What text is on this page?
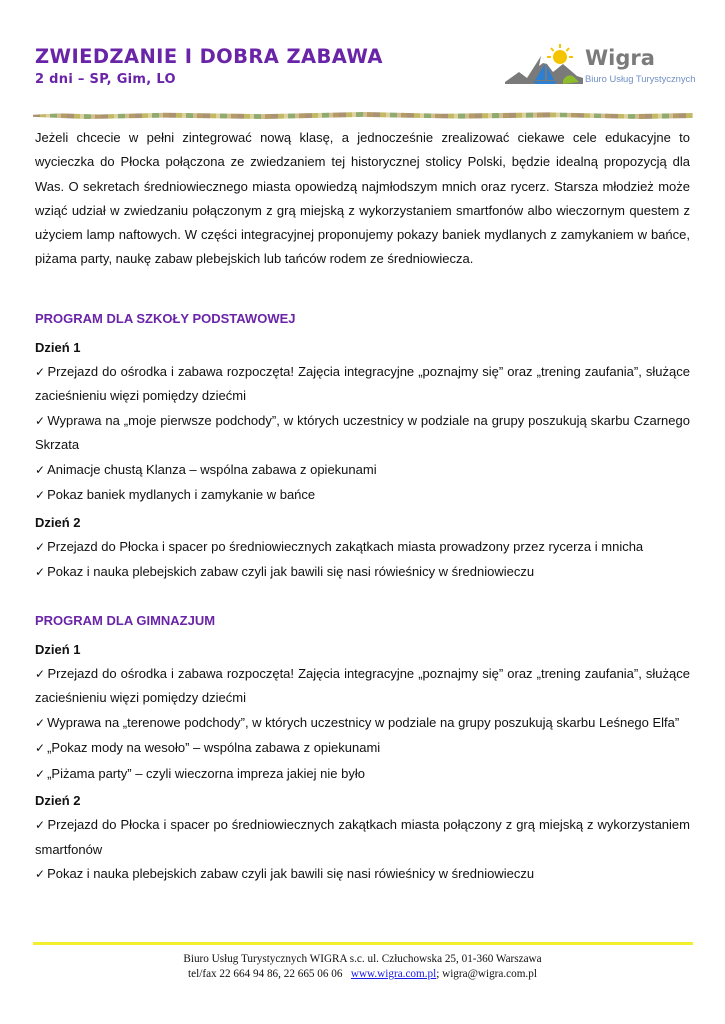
ZWIEDZANIE I DOBRA ZABAWA
2 dni – SP, Gim, LO
Wigra
Biuro Usług Turystycznych

Jeżeli chcecie w pełni zintegrować nową klasę, a jednocześnie zrealizować ciekawe cele edukacyjne to wycieczka do Płocka połączona ze zwiedzaniem tej historycznej stolicy Polski, będzie idealną propozycją dla Was. O sekretach średniowiecznego miasta opowiedzą najmłodszym mnich oraz rycerz. Starsza młodzież może wziąć udział w zwiedzaniu połączonym z grą miejską z wykorzystaniem smartfonów albo wieczornym questem z użyciem lamp naftowych. W części integracyjnej proponujemy pokazy baniek mydlanych z zamykaniem w bańce, piżama party, naukę zabaw plebejskich lub tańców rodem ze średniowiecza.

PROGRAM DLA SZKOŁY PODSTAWOWEJ
Dzień 1
✓ Przejazd do ośrodka i zabawa rozpoczęta! Zajęcia integracyjne „poznajmy się” oraz „trening zaufania”, służące zacieśnieniu więzi pomiędzy dziećmi
✓ Wyprawa na „moje pierwsze podchody”, w których uczestnicy w podziale na grupy poszukują skarbu Czarnego Skrzata
✓ Animacje chustą Klanza – wspólna zabawa z opiekunami
✓ Pokaz baniek mydlanych i zamykanie w bańce
Dzień 2
✓ Przejazd do Płocka i spacer po średniowiecznych zakątkach miasta prowadzony przez rycerza i mnicha
✓ Pokaz i nauka plebejskich zabaw czyli jak bawili się nasi rówieśnicy w średniowieczu
PROGRAM DLA GIMNAZJUM
Dzień 1
✓ Przejazd do ośrodka i zabawa rozpoczęta! Zajęcia integracyjne „poznajmy się” oraz „trening zaufania”, służące zacieśnieniu więzi pomiędzy dziećmi
✓ Wyprawa na „terenowe podchody”, w których uczestnicy w podziale na grupy poszukują skarbu Leśnego Elfa”
✓ „Pokaz mody na wesoło” – wspólna zabawa z opiekunami
✓ „Piżama party” – czyli wieczorna impreza jakiej nie było
Dzień 2
✓ Przejazd do Płocka i spacer po średniowiecznych zakątkach miasta połączony z grą miejską z wykorzystaniem smartfonów
✓ Pokaz i nauka plebejskich zabaw czyli jak bawili się nasi rówieśnicy w średniowieczu
Biuro Usług Turystycznych WIGRA s.c. ul. Człuchowska 25, 01-360 Warszawa
tel/fax 22 664 94 86, 22 665 06 06 www.wigra.com.pl; wigra@wigra.com.pl
